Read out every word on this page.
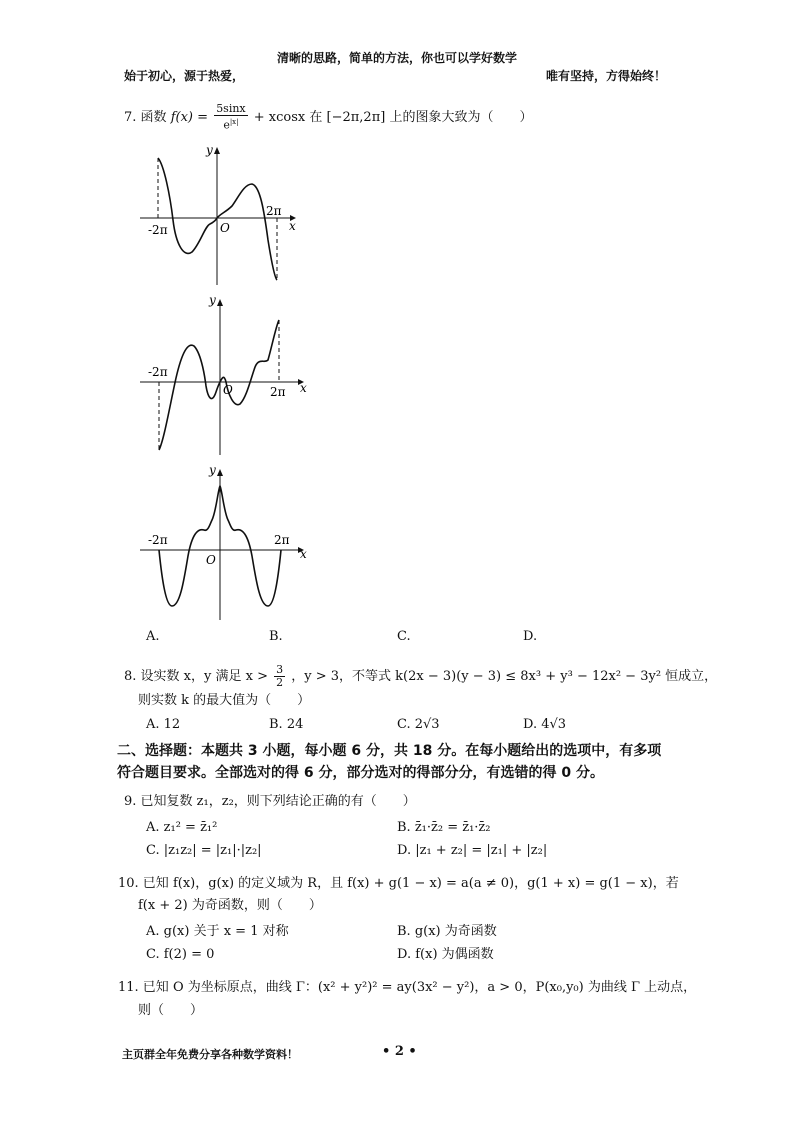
清晰的思路，简单的方法，你也可以学好数学
始于初心，源于热爱，	唯有坚持，方得始终！
7. 函数 $f(x) = \frac{5\sin x}{e^{|x|}} + xcosx$ 在 [−2π,2π] 上的图象大致为（　　）
-2π
2π
O	x
y
-2π
2π
O	x
y
-2π	2π
O	x
y
A.	B.	C.	D.
8. 设实数 x，y 满足 $x > \frac{3}{2}$ ，y > 3，不等式 k(2x − 3)(y − 3) ≤ 8x³ + y³ − 12x² − 3y² 恒成立，
则实数 k 的最大值为（　　）
A. 12	B. 24	C. 2√3	D. 4√3
二、选择题：本题共 3 小题，每小题 6 分，共 18 分。在每小题给出的选项中，有多项
符合题目要求。全部选对的得 6 分，部分选对的得部分分，有选错的得 0 分。
9. 已知复数 z₁，z₂，则下列结论正确的有（　　）
A. z₁² = z̄₁²	B. z̄₁·z̄₂ = z̄₁·z̄₂
C. |z₁z₂| = |z₁|·|z₂|	D. |z₁ + z₂| = |z₁| + |z₂|
10. 已知 f(x)，g(x) 的定义域为 R，且 f(x) + g(1 − x) = a(a ≠ 0)，g(1 + x) = g(1 − x)，若
f(x + 2) 为奇函数，则（　　）
A. g(x) 关于 x = 1 对称	B. g(x) 为奇函数
C. f(2) = 0	D. f(x) 为偶函数
11. 已知 O 为坐标原点，曲线 Γ：(x² + y²)² = ay(3x² − y²)，a > 0，P(x₀,y₀) 为曲线 Γ 上动点，
则（　　）
主页群全年免费分享各种数学资料！	• 2 •
